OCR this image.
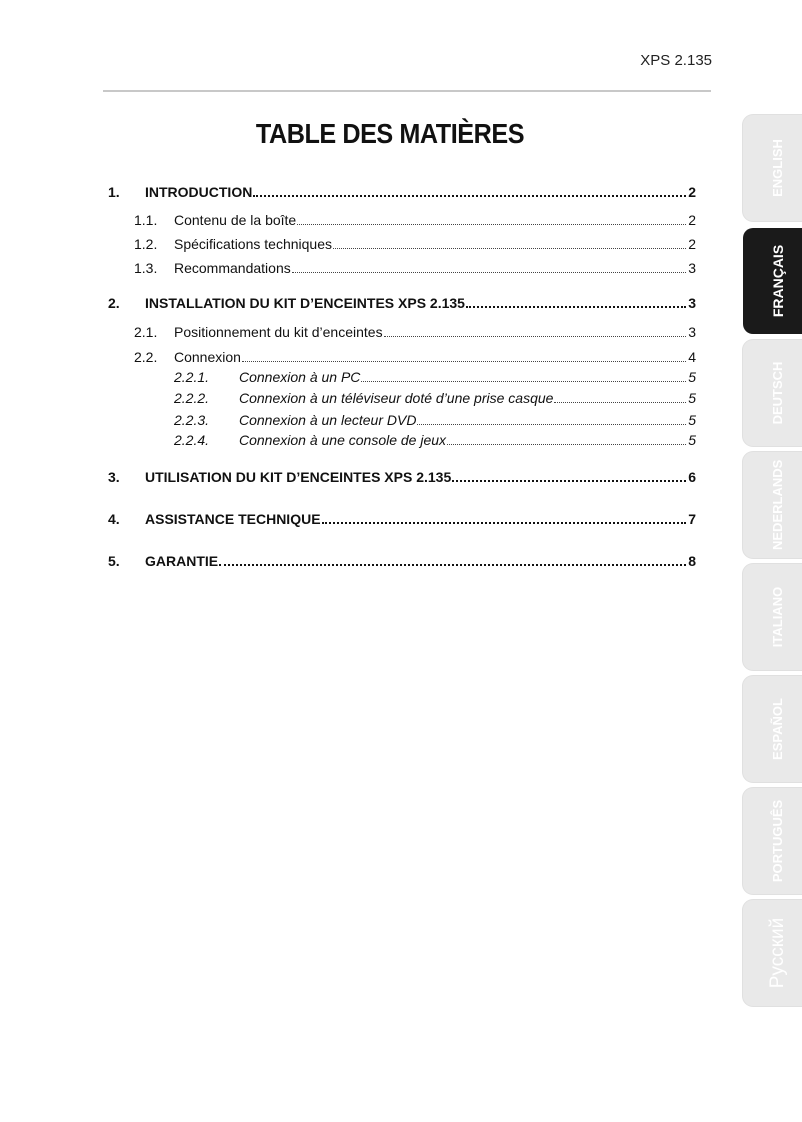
XPS 2.135
TABLE DES MATIÈRES
1.	INTRODUCTION	2
1.1.	Contenu de la boîte	2
1.2.	Spécifications techniques	2
1.3.	Recommandations	3
2.	INSTALLATION DU KIT D’ENCEINTES XPS 2.135	3
2.1.	Positionnement du kit d’enceintes	3
2.2.	Connexion	4
2.2.1.	Connexion à un PC	5
2.2.2.	Connexion à un téléviseur doté d’une prise casque	5
2.2.3.	Connexion à un lecteur DVD	5
2.2.4.	Connexion à une console de jeux	5
3.	UTILISATION DU KIT D’ENCEINTES XPS 2.135	6
4.	ASSISTANCE TECHNIQUE	7
5.	GARANTIE	8
ENGLISH
FRANÇAIS
DEUTSCH
NEDERLANDS
ITALIANO
ESPAÑOL
PORTUGUÊS
Русский
